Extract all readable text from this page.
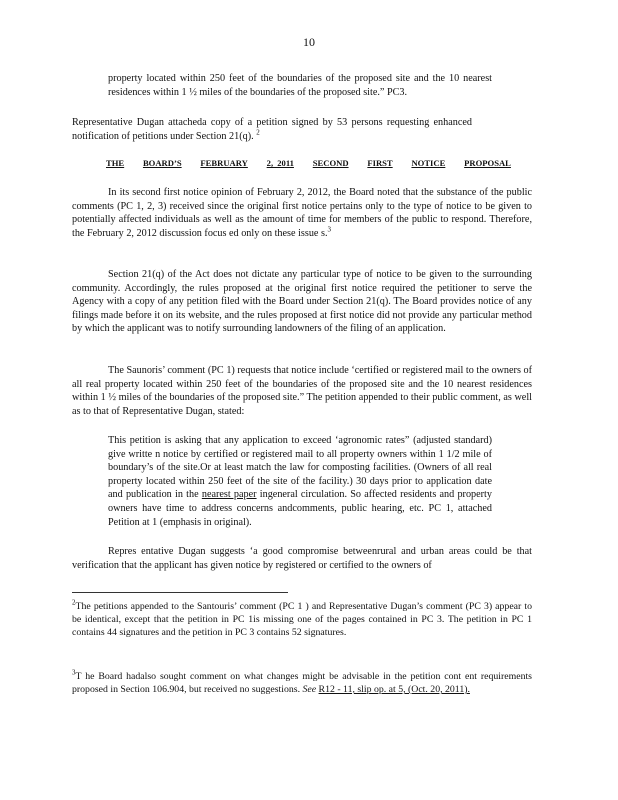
10
property located within 250 feet of the boundaries of the proposed site and the 10 nearest residences within 1 ½ miles of the boundaries of the proposed site.” PC3.
Representative Dugan attacheda copy of a petition signed by 53 persons requesting enhanced notification of petitions under Section 21(q). $^2$
THE BOARD’S FEBRUARY 2, 2011 SECOND FIRST NOTICE PROPOSAL
In its second first notice opinion of February 2, 2012, the Board noted that the substance of the public comments (PC 1, 2, 3) received since the original first notice pertains only to the type of notice to be given to potentially affected individuals as well as the amount of time for members of the public to respond. Therefore, the February 2, 2012 discussion focus ed only on these issue s.$^3$
Section 21(q) of the Act does not dictate any particular type of notice to be given to the surrounding community. Accordingly, the rules proposed at the original first notice required the petitioner to serve the Agency with a copy of any petition filed with the Board under Section 21(q). The Board provides notice of any filings made before it on its website, and the rules proposed at first notice did not provide any particular method by which the applicant was to notify surrounding landowners of the filing of an application.
The Saunoris’ comment (PC 1) requests that notice include ‘certified or registered mail to the owners of all real property located within 250 feet of the boundaries of the proposed site and the 10 nearest residences within 1 ½ miles of the boundaries of the proposed site.” The petition appended to their public comment, as well as to that of Representative Dugan, stated:
This petition is asking that any application to exceed ‘agronomic rates” (adjusted standard) give writte n notice by certified or registered mail to all property owners within 1 1/2 mile of boundary’s of the site.Or at least match the law for composting facilities. (Owners of all real property located within 250 feet of the site of the facility.) 30 days prior to application date and publication in the nearest paper ingeneral circulation. So affected residents and property owners have time to address concerns andcomments, public hearing, etc. PC 1, attached Petition at 1 (emphasis in original).
Repres entative Dugan suggests ‘a good compromise betweenrural and urban areas could be that verification that the applicant has given notice by registered or certified to the owners of
$^2$The petitions appended to the Santouris’ comment (PC 1 ) and Representative Dugan’s comment (PC 3) appear to be identical, except that the petition in PC 1is missing one of the pages contained in PC 3. The petition in PC 1 contains 44 signatures and the petition in PC 3 contains 52 signatures.
$^3$T he Board hadalso sought comment on what changes might be advisable in the petition cont ent requirements proposed in Section 106.904, but received no suggestions. See R12 - 11, slip op. at 5, (Oct. 20, 2011).
